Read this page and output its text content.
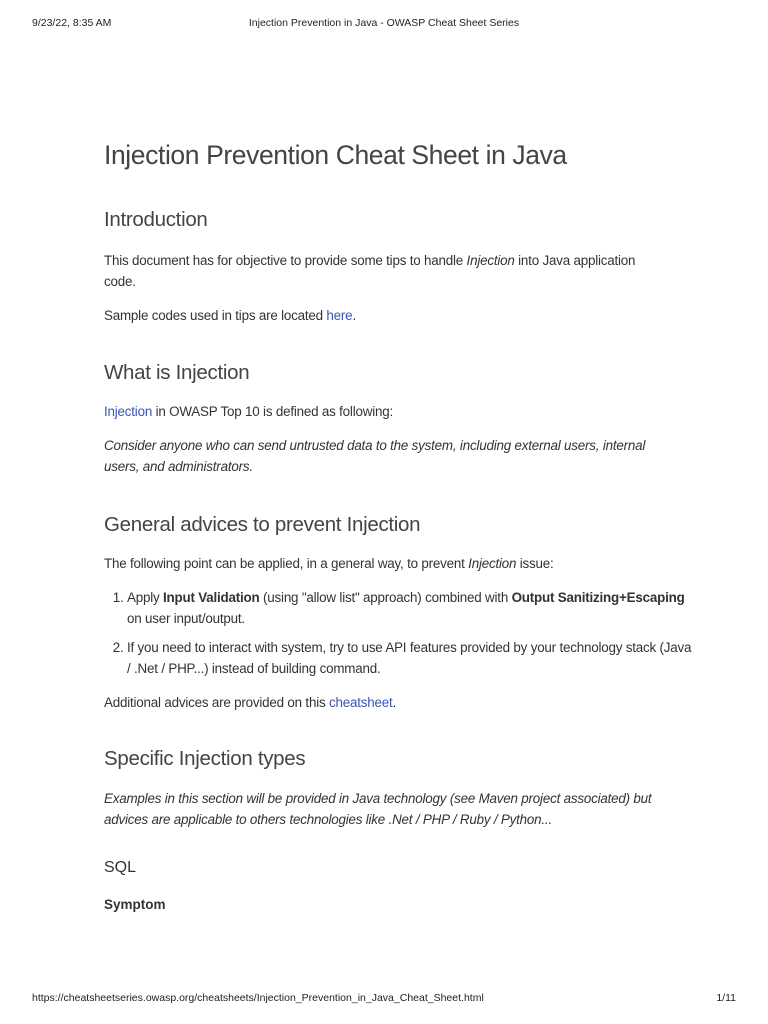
9/23/22, 8:35 AM	Injection Prevention in Java - OWASP Cheat Sheet Series
Injection Prevention Cheat Sheet in Java
Introduction

This document has for objective to provide some tips to handle Injection into Java application code.

Sample codes used in tips are located here.

What is Injection

Injection in OWASP Top 10 is defined as following:

Consider anyone who can send untrusted data to the system, including external users, internal users, and administrators.

General advices to prevent Injection

The following point can be applied, in a general way, to prevent Injection issue:

1. Apply Input Validation (using "allow list" approach) combined with Output Sanitizing+Escaping on user input/output.
2. If you need to interact with system, try to use API features provided by your technology stack (Java / .Net / PHP...) instead of building command.

Additional advices are provided on this cheatsheet.

Specific Injection types

Examples in this section will be provided in Java technology (see Maven project associated) but advices are applicable to others technologies like .Net / PHP / Ruby / Python...

SQL
Symptom
https://cheatsheetseries.owasp.org/cheatsheets/Injection_Prevention_in_Java_Cheat_Sheet.html	1/11
